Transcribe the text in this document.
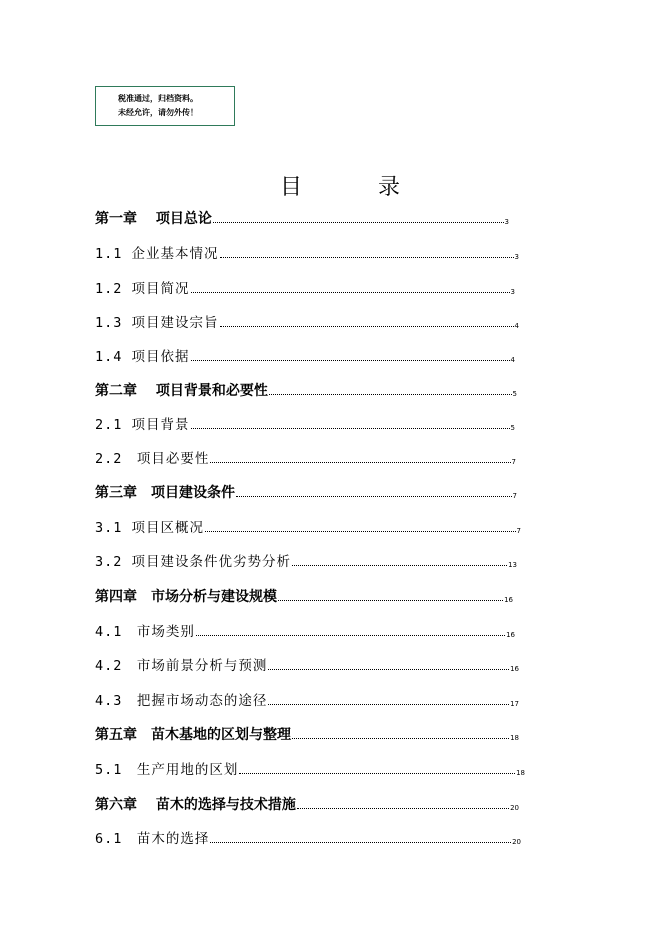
税准通过，归档资料。
未经允许，请勿外传！
目	录
第一章　 项目总论	3
1.1 企业基本情况	3
1.2 项目简况	3
1.3 项目建设宗旨	4
1.4 项目依据	4
第二章　 项目背景和必要性	5
2.1 项目背景	5
2.2　项目必要性	7
第三章　项目建设条件	7
3.1 项目区概况	7
3.2 项目建设条件优劣势分析	13
第四章　市场分析与建设规模	16
4.1　市场类别	16
4.2　市场前景分析与预测	16
4.3　把握市场动态的途径	17
第五章　苗木基地的区划与整理	18
5.1　生产用地的区划	18
第六章　 苗木的选择与技术措施	20
6.1　苗木的选择	20
